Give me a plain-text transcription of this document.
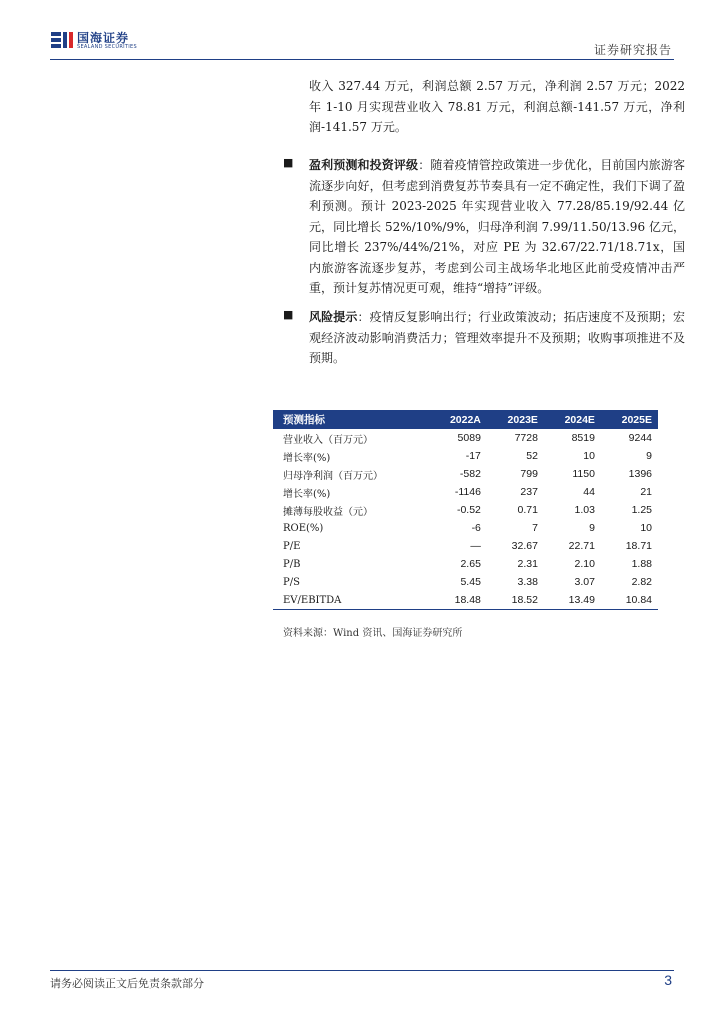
国海证券
SEALAND SECURITIES	证券研究报告
收入 327.44 万元，利润总额 2.57 万元，净利润 2.57 万元；2022 年 1-10 月实现营业收入 78.81 万元，利润总额-141.57 万元，净利润-141.57 万元。
■ 盈利预测和投资评级：随着疫情管控政策进一步优化，目前国内旅游客流逐步向好，但考虑到消费复苏节奏具有一定不确定性，我们下调了盈利预测。预计 2023-2025 年实现营业收入 77.28/85.19/92.44 亿元，同比增长 52%/10%/9%，归母净利润 7.99/11.50/13.96 亿元，同比增长 237%/44%/21%，对应 PE 为 32.67/22.71/18.71x，国内旅游客流逐步复苏，考虑到公司主战场华北地区此前受疫情冲击严重，预计复苏情况更可观，维持“增持”评级。
■ 风险提示：疫情反复影响出行；行业政策波动；拓店速度不及预期；宏观经济波动影响消费活力；管理效率提升不及预期；收购事项推进不及预期。
预测指标	2022A	2023E	2024E	2025E
营业收入（百万元）	5089	7728	8519	9244
增长率(%)	-17	52	10	9
归母净利润（百万元）	-582	799	1150	1396
增长率(%)	-1146	237	44	21
摊薄每股收益（元）	-0.52	0.71	1.03	1.25
ROE(%)	-6	7	9	10
P/E	—	32.67	22.71	18.71
P/B	2.65	2.31	2.10	1.88
P/S	5.45	3.38	3.07	2.82
EV/EBITDA	18.48	18.52	13.49	10.84
资料来源：Wind 资讯、国海证券研究所
请务必阅读正文后免责条款部分	3
